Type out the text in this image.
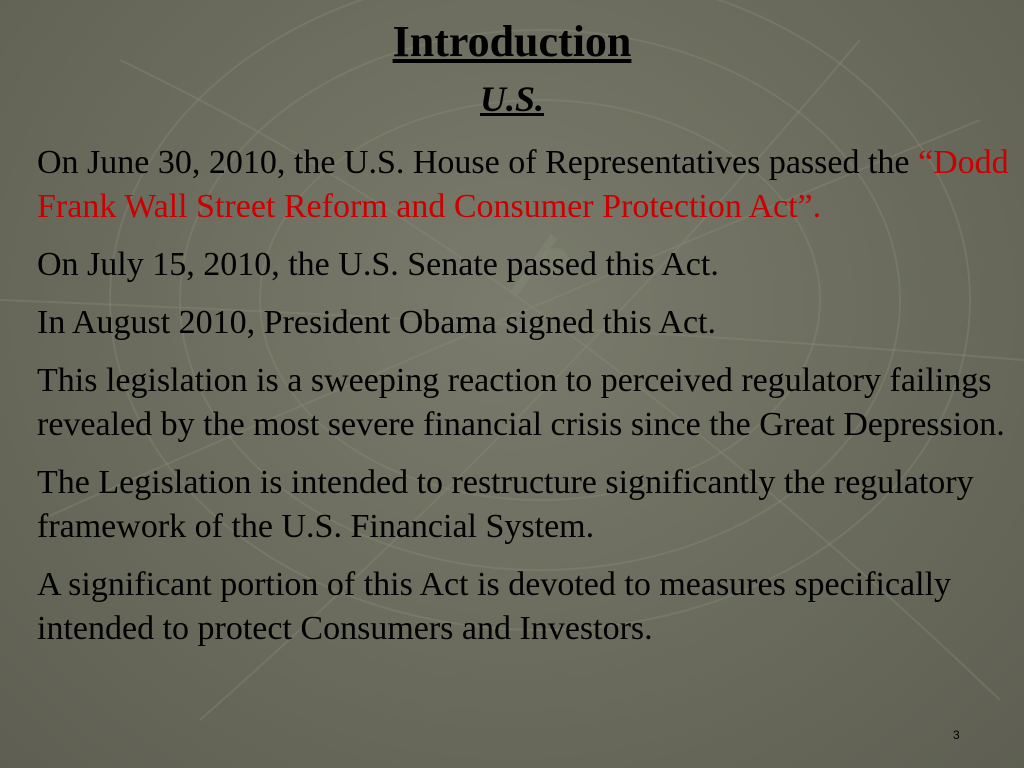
Introduction
U.S.

On June 30, 2010, the U.S. House of Representatives passed the “Dodd Frank Wall Street Reform and Consumer Protection Act”.

On July 15, 2010, the U.S. Senate passed this Act.

In August 2010, President Obama signed this Act.

This legislation is a sweeping reaction to perceived regulatory failings revealed by the most severe financial crisis since the Great Depression.

The Legislation is intended to restructure significantly the regulatory framework of the U.S. Financial System.

A significant portion of this Act is devoted to measures specifically intended to protect Consumers and Investors.

3
